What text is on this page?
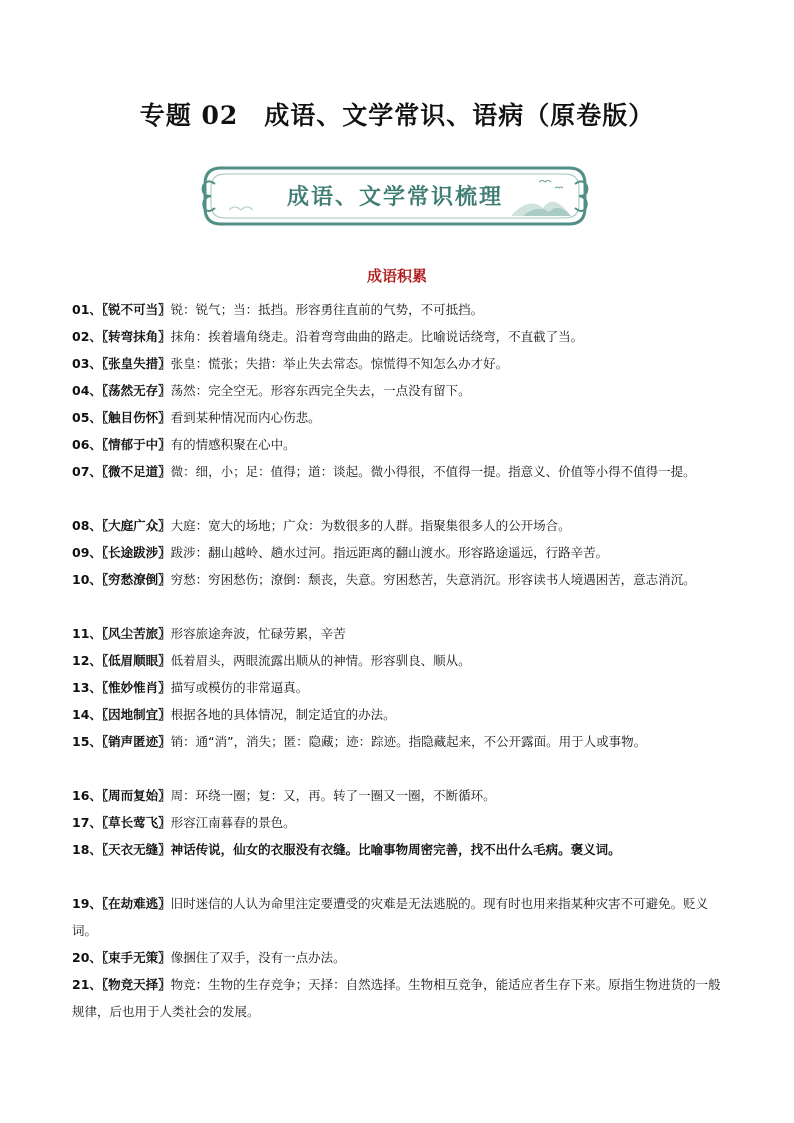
专题 02　成语、文学常识、语病（原卷版）
成语、文学常识梳理
成语积累
01、〖锐不可当〗锐：锐气；当：抵挡。形容勇往直前的气势，不可抵挡。
02、〖转弯抹角〗抹角：挨着墙角绕走。沿着弯弯曲曲的路走。比喻说话绕弯，不直截了当。
03、〖张皇失措〗张皇：慌张；失措：举止失去常态。惊慌得不知怎么办才好。
04、〖荡然无存〗荡然：完全空无。形容东西完全失去，一点没有留下。
05、〖触目伤怀〗看到某种情况而内心伤悲。
06、〖情郁于中〗有的情感积聚在心中。
07、〖微不足道〗微：细，小；足：值得；道：谈起。微小得很，不值得一提。指意义、价值等小得不值得一提。
08、〖大庭广众〗大庭：宽大的场地；广众：为数很多的人群。指聚集很多人的公开场合。
09、〖长途跋涉〗跋涉：翻山越岭、趟水过河。指远距离的翻山渡水。形容路途遥远，行路辛苦。
10、〖穷愁潦倒〗穷愁：穷困愁伤；潦倒：颓丧，失意。穷困愁苦，失意消沉。形容读书人境遇困苦，意志消沉。
11、〖风尘苦旅〗形容旅途奔波，忙碌劳累，辛苦
12、〖低眉顺眼〗低着眉头，两眼流露出顺从的神情。形容驯良、顺从。
13、〖惟妙惟肖〗描写或模仿的非常逼真。
14、〖因地制宜〗根据各地的具体情况，制定适宜的办法。
15、〖销声匿迹〗销：通“消”，消失；匿：隐藏；迹：踪迹。指隐藏起来，不公开露面。用于人或事物。
16、〖周而复始〗周：环绕一圈；复：又，再。转了一圈又一圈，不断循环。
17、〖草长莺飞〗形容江南暮春的景色。
18、〖天衣无缝〗神话传说，仙女的衣服没有衣缝。比喻事物周密完善，找不出什么毛病。褒义词。
19、〖在劫难逃〗旧时迷信的人认为命里注定要遭受的灾难是无法逃脱的。现有时也用来指某种灾害不可避免。贬义词。
20、〖束手无策〗像捆住了双手，没有一点办法。
21、〖物竞天择〗物竞：生物的生存竞争；天择：自然选择。生物相互竞争，能适应者生存下来。原指生物进货的一般规律，后也用于人类社会的发展。
